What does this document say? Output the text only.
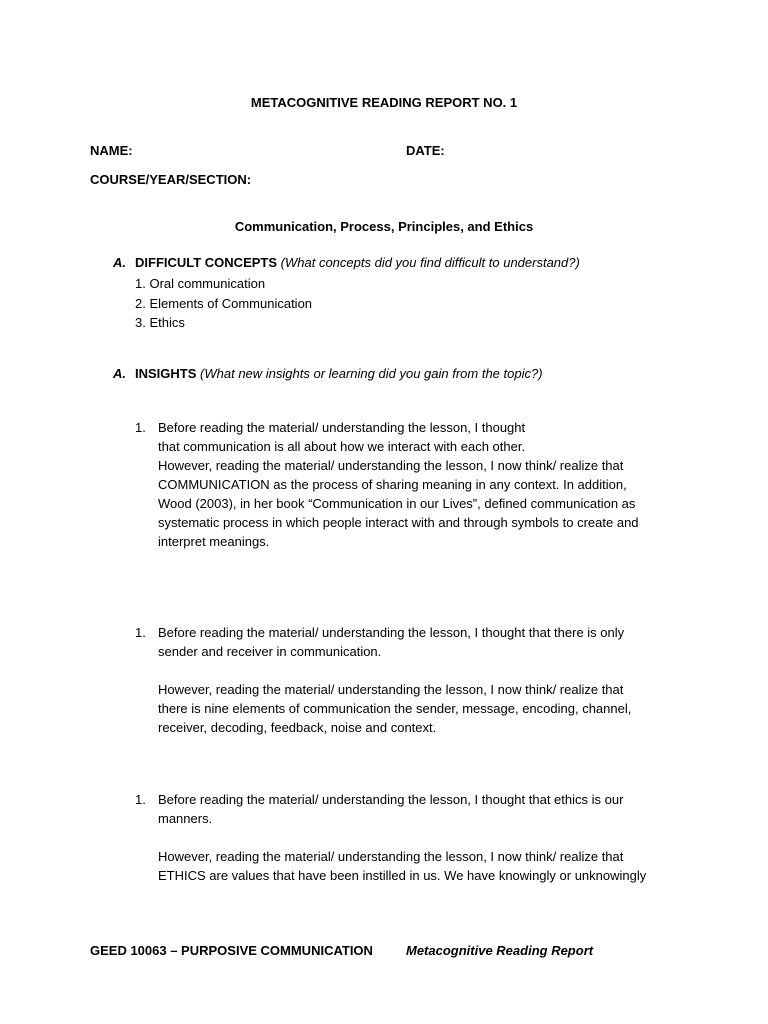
METACOGNITIVE READING REPORT NO. 1
NAME:	DATE:
COURSE/YEAR/SECTION:
Communication, Process, Principles, and Ethics
A. DIFFICULT CONCEPTS (What concepts did you find difficult to understand?)
1. Oral communication
2. Elements of Communication
3. Ethics
A. INSIGHTS (What new insights or learning did you gain from the topic?)
1. Before reading the material/ understanding the lesson, I thought
that communication is all about how we interact with each other.
However, reading the material/ understanding the lesson, I now think/ realize that
COMMUNICATION as the process of sharing meaning in any context. In addition,
Wood (2003), in her book “Communication in our Lives”, defined communication as
systematic process in which people interact with and through symbols to create and
interpret meanings.
1. Before reading the material/ understanding the lesson, I thought that there is only
sender and receiver in communication.
However, reading the material/ understanding the lesson, I now think/ realize that
there is nine elements of communication the sender, message, encoding, channel,
receiver, decoding, feedback, noise and context.
1. Before reading the material/ understanding the lesson, I thought that ethics is our
manners.
However, reading the material/ understanding the lesson, I now think/ realize that
ETHICS are values that have been instilled in us. We have knowingly or unknowingly
GEED 10063 – PURPOSIVE COMMUNICATION	Metacognitive Reading Report
